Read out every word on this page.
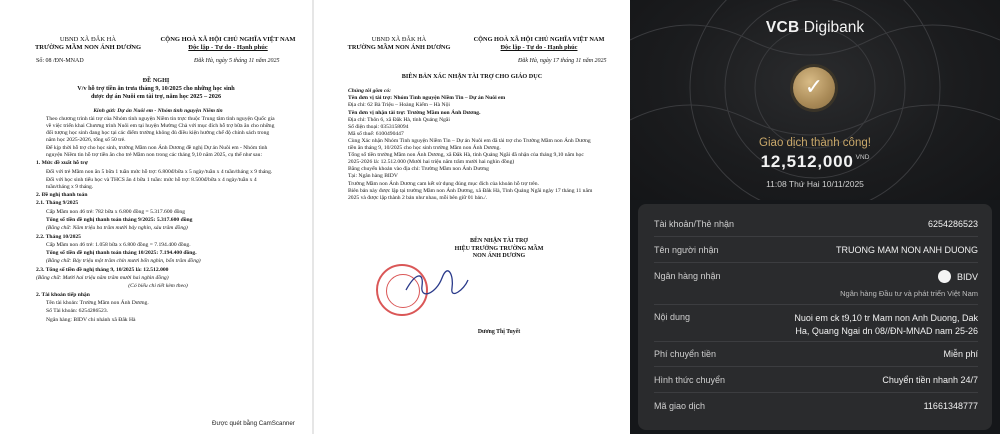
UBND XÃ ĐẮK HÀ
TRƯỜNG MẦM NON ÁNH DƯƠNG
CỘNG HOÀ XÃ HỘI CHỦ NGHĨA VIỆT NAM
Độc lập - Tự do - Hạnh phúc
Số: 08 /ĐN-MNAD	Đăk Hà, ngày 5 tháng 11 năm 2025
ĐỀ NGHỊ
V/v hỗ trợ tiền ăn trưa tháng 9, 10/2025 cho những học sinh
được dự án Nuôi em tài trợ, năm học 2025 – 2026

Kính gửi: Dự án Nuôi em - Nhóm tình nguyện Niềm tin

Theo chương trình tài trợ của Nhóm tình nguyện Niềm tin trực thuộc Trung tâm tình nguyện Quốc gia về việc triển khai Chương trình Nuôi em tại huyện Mường Chà với mục đích hỗ trợ bữa ăn cho những đối tượng học sinh đang học tại các điểm trường không đủ điều kiện hưởng chế độ chính sách trong năm học 2025-2026, tổng số 50 trẻ.

Để kịp thời hỗ trợ cho học sinh, trường Mầm non Ánh Dương đề nghị Dự án Nuôi em - Nhóm tình nguyện Niềm tin hỗ trợ tiền ăn cho trẻ Mầm non trong các tháng 9,10 năm 2025, cụ thể như sau:

1. Mức đề xuất hỗ trợ

Đối với trẻ Mầm non ăn 5 bữa 1 tuần mức hỗ trợ: 6.800đ/bữa x 5 ngày/tuần x 4 tuần/tháng x 9 tháng.

Đối với học sinh tiểu học và THCS ăn 4 bữa 1 tuần: mức hỗ trợ: 8.500đ/bữa x 4 ngày/tuần x 4 tuần/tháng x 9 tháng.

2. Đề nghị thanh toán

2.1. Tháng 9/2025

Cấp Mầm non 46 trẻ: 782 bữa x 6.800 đồng = 5.317.600 đồng

Tổng số tiền đề nghị thanh toán tháng 9/2025: 5.317.600 đồng

(Bằng chữ: Năm triệu ba trăm mười bảy nghìn, sáu trăm đồng)

2.2. Tháng 10/2025

Cấp Mầm non 46 trẻ: 1.058 bữa x 6.800 đồng = 7.194.400 đồng.

Tổng số tiền đề nghị thanh toán tháng 10/2025: 7.194.400 đồng.

(Bằng chữ: Bảy triệu một trăm chín mươi bốn nghìn, bốn trăm đồng)

2.3. Tổng số tiền đề nghị tháng 9, 10/2025 là: 12.512.000

(Bằng chữ: Mười hai triệu năm trăm mười hai nghìn đồng)

(Có biểu chi tiết kèm theo)

2. Tài khoản tiếp nhận

Tên tài khoản: Trường Mầm non Ánh Dương.

Số Tài khoản: 6254286523.

Ngân hàng: BIDV chi nhánh xã Đăk Hà

Được quét bằng CamScanner
UBND XÃ ĐẮK HÀ
TRƯỜNG MẦM NON ÁNH DƯƠNG
CỘNG HOÀ XÃ HỘI CHỦ NGHĨA VIỆT NAM
Độc lập - Tự do - Hạnh phúc
Đăk Hà, ngày 17 tháng 11 năm 2025
BIÊN BẢN XÁC NHẬN TÀI TRỢ CHO GIÁO DỤC

Chúng tôi gồm có:

Tên đơn vị tài trợ: Nhóm Tình nguyện Niềm Tin – Dự án Nuôi em

Địa chỉ: 62 Bà Triệu – Hoàng Kiếm – Hà Nội

Tên đơn vị nhận tài trợ: Trường Mầm non Ánh Dương.

Địa chỉ: Thôn 6, xã Đăk Hà, tỉnh Quảng Ngãi

Số điện thoại: 0353158094

Mã số thuế: 6100490447

Cùng Xác nhận Nhóm Tình nguyện Niềm Tin – Dự án Nuôi em đã tài trợ cho Trường Mầm non Ánh Dương tiền ăn tháng 9, 10/2025 cho học sinh trường Mầm non Ánh Dương.

Tổng số tiền trường Mầm non Ánh Dương, xã Đăk Hà, tỉnh Quảng Ngãi đã nhận của tháng 9,10 năm học 2025-2026 là: 12.512.000 (Mười hai triệu năm trăm mười hai nghìn đồng)

Bằng chuyển khoản vào địa chỉ: Trường Mầm non Ánh Dương

Tại: Ngân hàng BIDV

Trường Mầm non Ánh Dương cam kết sử dụng đúng mục đích của khoản hỗ trợ trên.

Biên bản này được lập tại trường Mầm non Ánh Dương, xã Đăk Hà, Tỉnh Quảng Ngãi ngày 17 tháng 11 năm 2025 và được lập thành 2 bản như nhau, mỗi bên giữ 01 bản./.

BÊN NHẬN TÀI TRỢ
HIỆU TRƯỞNG TRƯỜNG MẦM
NON ÁNH DƯƠNG
Dương Thị Tuyết
VCB Digibank
✓
Giao dịch thành công!
12,512,000 $^{VND}$
11:08 Thứ Hai 10/11/2025
Tài khoản/Thẻ nhận	6254286523
Tên người nhận	TRUONG MAM NON ANH DUONG
Ngân hàng nhận	BIDV
Ngân hàng Đầu tư và phát triển Việt Nam
Nội dung	Nuoi em ck t9,10 tr Mam non Anh Duong, Dak Ha, Quang Ngai dn 08//ĐN-MNAD nam 25-26
Phí chuyển tiền	Miễn phí
Hình thức chuyển	Chuyển tiền nhanh 24/7
Mã giao dịch	11661348777
